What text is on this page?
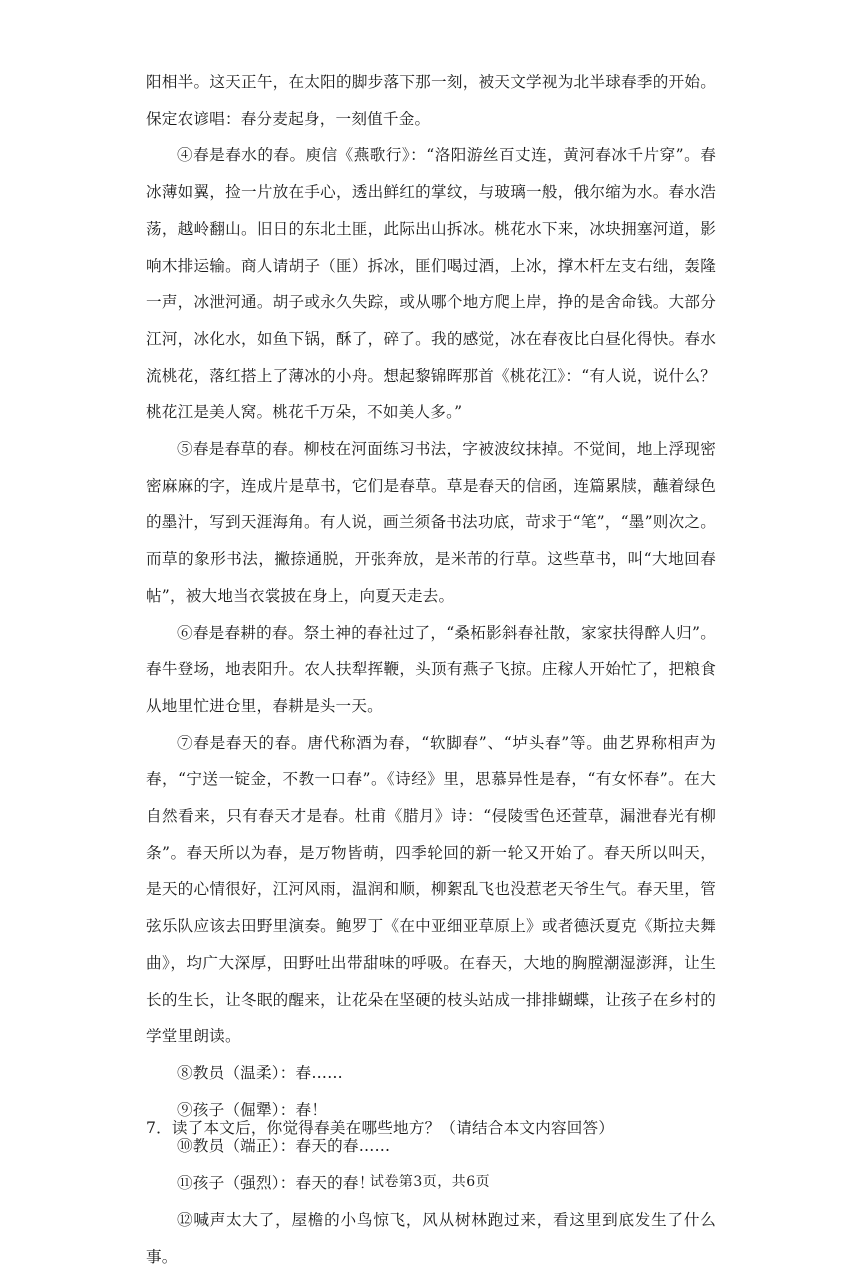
阳相半。这天正午，在太阳的脚步落下那一刻，被天文学视为北半球春季的开始。保定农谚唱：春分麦起身，一刻值千金。

④春是春水的春。庾信《燕歌行》：“洛阳游丝百丈连，黄河春冰千片穿”。春冰薄如翼，捡一片放在手心，透出鲜红的掌纹，与玻璃一般，俄尔缩为水。春水浩荡，越岭翻山。旧日的东北土匪，此际出山拆冰。桃花水下来，冰块拥塞河道，影响木排运输。商人请胡子（匪）拆冰，匪们喝过酒，上冰，撑木杆左支右绌，轰隆一声，冰泄河通。胡子或永久失踪，或从哪个地方爬上岸，挣的是舍命钱。大部分江河，冰化水，如鱼下锅，酥了，碎了。我的感觉，冰在春夜比白昼化得快。春水流桃花，落红搭上了薄冰的小舟。想起黎锦晖那首《桃花江》：“有人说，说什么？桃花江是美人窝。桃花千万朵，不如美人多。”

⑤春是春草的春。柳枝在河面练习书法，字被波纹抹掉。不觉间，地上浮现密密麻麻的字，连成片是草书，它们是春草。草是春天的信函，连篇累牍，蘸着绿色的墨汁，写到天涯海角。有人说，画兰须备书法功底，苛求于“笔”，“墨”则次之。而草的象形书法，撇捺通脱，开张奔放，是米芾的行草。这些草书，叫“大地回春帖”，被大地当衣裳披在身上，向夏天走去。

⑥春是春耕的春。祭土神的春社过了，“桑柘影斜春社散，家家扶得醉人归”。春牛登场，地表阳升。农人扶犁挥鞭，头顶有燕子飞掠。庄稼人开始忙了，把粮食从地里忙进仓里，春耕是头一天。

⑦春是春天的春。唐代称酒为春，“软脚春”、“垆头春”等。曲艺界称相声为春，“宁送一锭金，不教一口春”。《诗经》里，思慕异性是春，“有女怀春”。在大自然看来，只有春天才是春。杜甫《腊月》诗：“侵陵雪色还萱草，漏泄春光有柳条”。春天所以为春，是万物皆萌，四季轮回的新一轮又开始了。春天所以叫天，是天的心情很好，江河风雨，温润和顺，柳絮乱飞也没惹老天爷生气。春天里，管弦乐队应该去田野里演奏。鲍罗丁《在中亚细亚草原上》或者德沃夏克《斯拉夫舞曲》，均广大深厚，田野吐出带甜味的呼吸。在春天，大地的胸膛潮湿澎湃，让生长的生长，让冬眠的醒来，让花朵在坚硬的枝头站成一排排蝴蝶，让孩子在乡村的学堂里朗读。

⑧教员（温柔）：春……

⑨孩子（倔犟）：春！

⑩教员（端正）：春天的春……

⑪孩子（强烈）：春天的春！

⑫喊声太大了，屋檐的小鸟惊飞，风从树林跑过来，看这里到底发生了什么事。

7．读了本文后，你觉得春美在哪些地方？（请结合本文内容回答）

试卷第3页，共6页
